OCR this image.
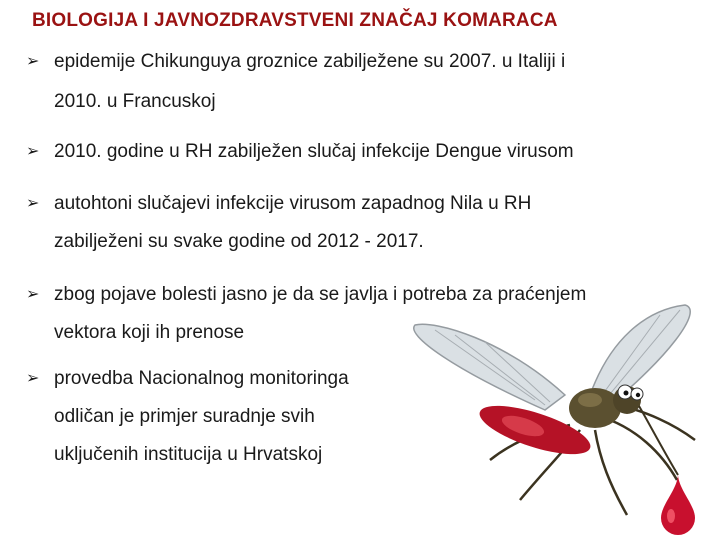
BIOLOGIJA I JAVNOZDRAVSTVENI ZNAČAJ KOMARACA
➢ epidemije Chikunguya groznice zabilježene su 2007. u Italiji i
2010. u Francuskoj
➢ 2010. godine u RH zabilježen slučaj infekcije Dengue virusom
➢ autohtoni slučajevi infekcije virusom zapadnog Nila u RH
zabilježeni su svake godine od 2012 - 2017.
➢ zbog pojave bolesti jasno je da se javlja i potreba za praćenjem
vektora koji ih prenose
➢ provedba Nacionalnog monitoringa
odličan je primjer suradnje svih
uključenih institucija u Hrvatskoj
